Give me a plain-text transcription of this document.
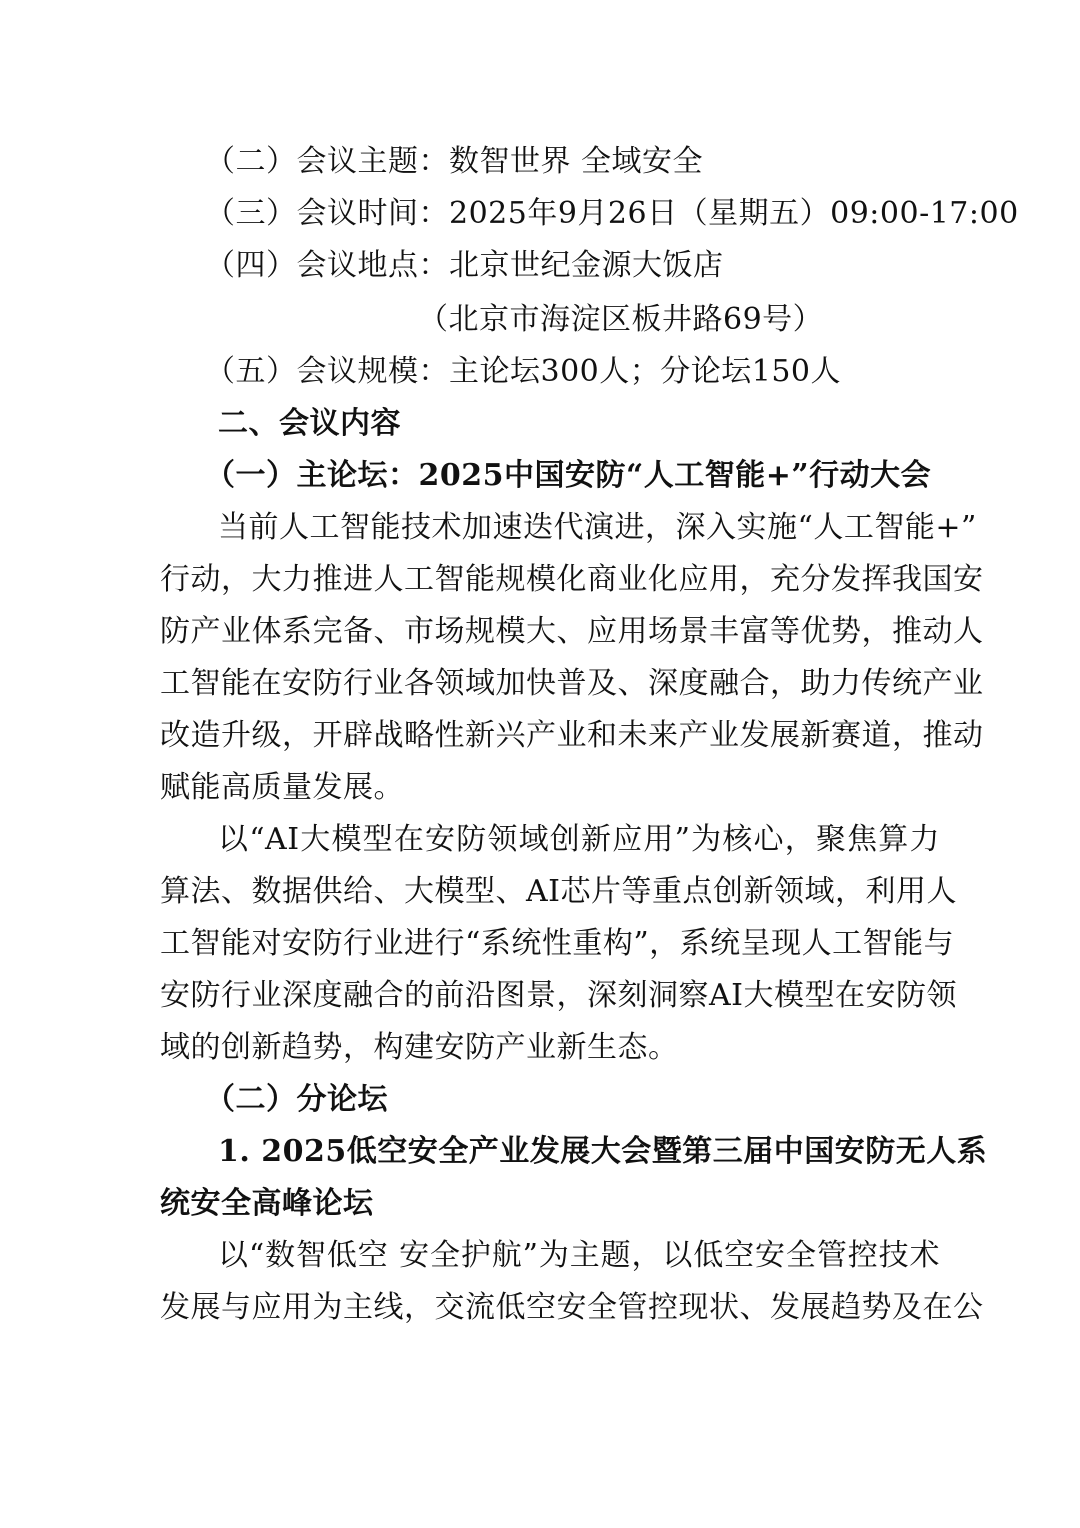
（二）会议主题：数智世界 全域安全

（三）会议时间：2025年9月26日（星期五）09:00-17:00

（四）会议地点：北京世纪金源大饭店

（北京市海淀区板井路69号）

（五）会议规模：主论坛300人；分论坛150人

二、会议内容

（一）主论坛：2025中国安防“人工智能+”行动大会

当前人工智能技术加速迭代演进，深入实施“人工智能+”

行动，大力推进人工智能规模化商业化应用，充分发挥我国安

防产业体系完备、市场规模大、应用场景丰富等优势，推动人

工智能在安防行业各领域加快普及、深度融合，助力传统产业

改造升级，开辟战略性新兴产业和未来产业发展新赛道，推动

赋能高质量发展。

以“AI大模型在安防领域创新应用”为核心，聚焦算力

算法、数据供给、大模型、AI芯片等重点创新领域，利用人

工智能对安防行业进行“系统性重构”，系统呈现人工智能与

安防行业深度融合的前沿图景，深刻洞察AI大模型在安防领

域的创新趋势，构建安防产业新生态。

（二）分论坛

1. 2025低空安全产业发展大会暨第三届中国安防无人系

统安全高峰论坛

以“数智低空 安全护航”为主题，以低空安全管控技术

发展与应用为主线，交流低空安全管控现状、发展趋势及在公
